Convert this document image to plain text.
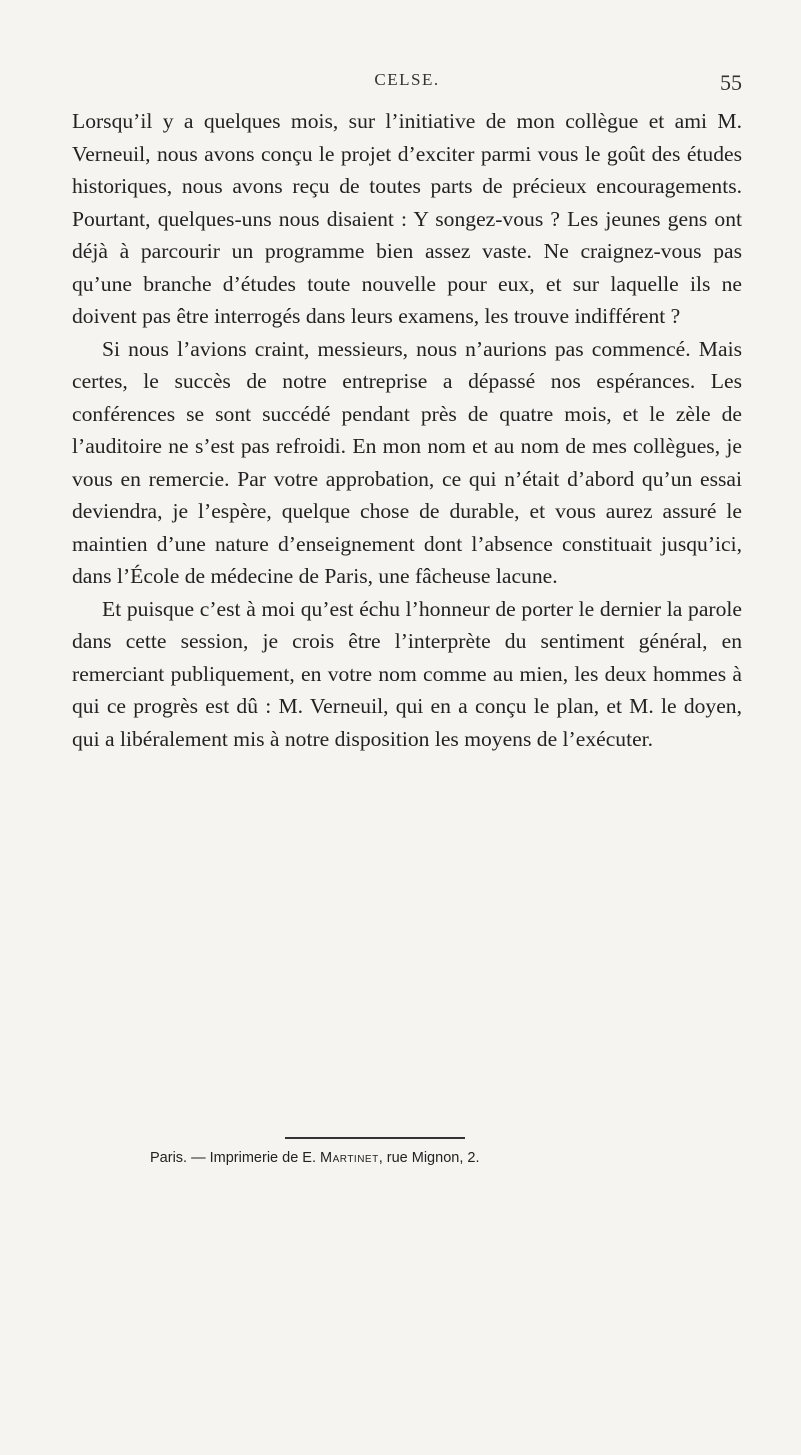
CELSE.	55

Lorsqu’il y a quelques mois, sur l’initiative de mon collègue et ami M. Verneuil, nous avons conçu le projet d’exciter parmi vous le goût des études historiques, nous avons reçu de toutes parts de précieux encouragements. Pourtant, quelques-uns nous disaient : Y songez-vous ? Les jeunes gens ont déjà à parcourir un programme bien assez vaste. Ne craignez-vous pas qu’une branche d’études toute nouvelle pour eux, et sur laquelle ils ne doivent pas être interrogés dans leurs examens, les trouve indifférent ?

Si nous l’avions craint, messieurs, nous n’aurions pas commencé. Mais certes, le succès de notre entreprise a dépassé nos espérances. Les conférences se sont succédé pendant près de quatre mois, et le zèle de l’auditoire ne s’est pas refroidi. En mon nom et au nom de mes collègues, je vous en remercie. Par votre approbation, ce qui n’était d’abord qu’un essai deviendra, je l’espère, quelque chose de durable, et vous aurez assuré le maintien d’une nature d’enseignement dont l’absence constituait jusqu’ici, dans l’École de médecine de Paris, une fâcheuse lacune.

Et puisque c’est à moi qu’est échu l’honneur de porter le dernier la parole dans cette session, je crois être l’interprète du sentiment général, en remerciant publiquement, en votre nom comme au mien, les deux hommes à qui ce progrès est dû : M. Verneuil, qui en a conçu le plan, et M. le doyen, qui a libéralement mis à notre disposition les moyens de l’exécuter.

Paris. — Imprimerie de E. Martinet, rue Mignon, 2.
